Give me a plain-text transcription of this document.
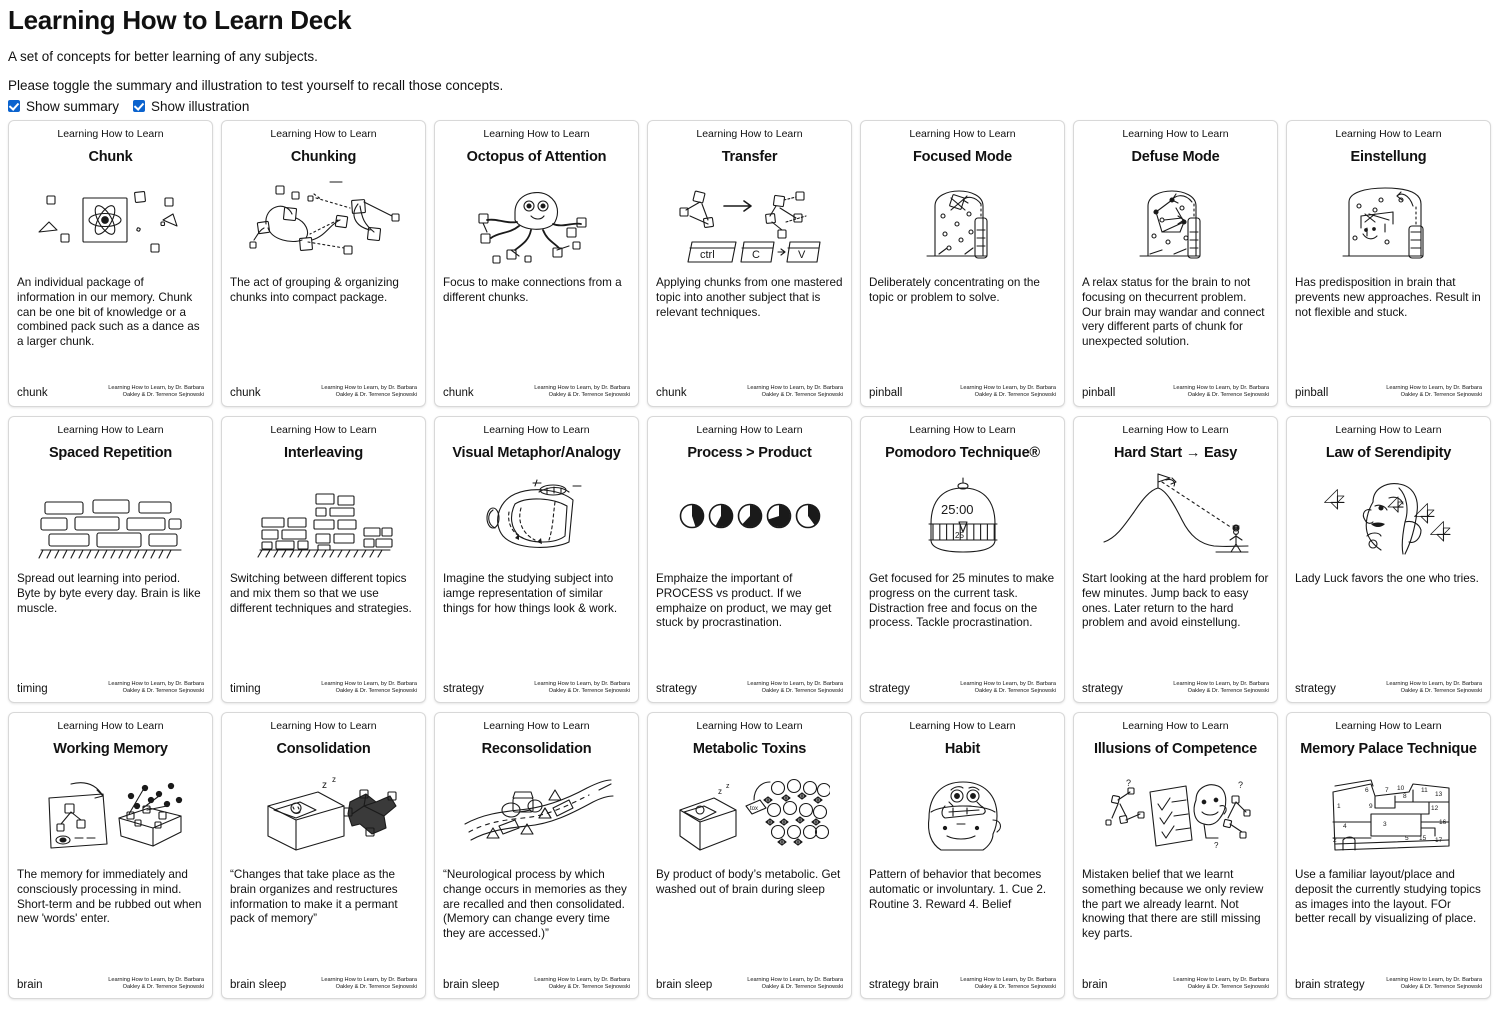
Learning How to Learn Deck

A set of concepts for better learning of any subjects.

Please toggle the summary and illustration to test yourself to recall those concepts.

Show summary Show illustration
Learning How to Learn
Chunk
An individual package of information in our memory. Chunk can be one bit of knowledge or a combined pack such as a dance as a larger chunk.
chunk	Learning How to Learn, by Dr. Barbara Oakley & Dr. Terrence Sejnowski
Learning How to Learn
Chunking
The act of grouping & organizing chunks into compact package.
chunk	Learning How to Learn, by Dr. Barbara Oakley & Dr. Terrence Sejnowski
Learning How to Learn
Octopus of Attention
Focus to make connections from a different chunks.
chunk	Learning How to Learn, by Dr. Barbara Oakley & Dr. Terrence Sejnowski
Learning How to Learn
Transfer
ctrl	C	V
Applying chunks from one mastered topic into another subject that is relevant techniques.
chunk	Learning How to Learn, by Dr. Barbara Oakley & Dr. Terrence Sejnowski
Learning How to Learn
Focused Mode
Deliberately concentrating on the topic or problem to solve.
pinball	Learning How to Learn, by Dr. Barbara Oakley & Dr. Terrence Sejnowski
Learning How to Learn
Defuse Mode
A relax status for the brain to not focusing on thecurrent problem. Our brain may wandar and connect very different parts of chunk for unexpected solution.
pinball	Learning How to Learn, by Dr. Barbara Oakley & Dr. Terrence Sejnowski
Learning How to Learn
Einstellung
Has predisposition in brain that prevents new approaches. Result in not flexible and stuck.
pinball	Learning How to Learn, by Dr. Barbara Oakley & Dr. Terrence Sejnowski
Learning How to Learn
Spaced Repetition
Spread out learning into period. Byte by byte every day. Brain is like muscle.
timing	Learning How to Learn, by Dr. Barbara Oakley & Dr. Terrence Sejnowski
Learning How to Learn
Interleaving
Switching between different topics and mix them so that we use different techniques and strategies.
timing	Learning How to Learn, by Dr. Barbara Oakley & Dr. Terrence Sejnowski
Learning How to Learn
Visual Metaphor/Analogy
Imagine the studying subject into iamge representation of similar things for how things look & work.
strategy	Learning How to Learn, by Dr. Barbara Oakley & Dr. Terrence Sejnowski
Learning How to Learn
Process > Product
Emphaize the important of PROCESS vs product. If we emphaize on product, we may get stuck by procrastination.
strategy	Learning How to Learn, by Dr. Barbara Oakley & Dr. Terrence Sejnowski
Learning How to Learn
Pomodoro Technique®
25:00
25
Get focused for 25 minutes to make progress on the current task. Distraction free and focus on the process. Tackle procrastination.
strategy	Learning How to Learn, by Dr. Barbara Oakley & Dr. Terrence Sejnowski
Learning How to Learn
Hard Start → Easy
Start looking at the hard problem for few minutes. Jump back to easy ones. Later return to the hard problem and avoid einstellung.
strategy	Learning How to Learn, by Dr. Barbara Oakley & Dr. Terrence Sejnowski
Learning How to Learn
Law of Serendipity
Lady Luck favors the one who tries.
strategy	Learning How to Learn, by Dr. Barbara Oakley & Dr. Terrence Sejnowski
Learning How to Learn
Working Memory
The memory for immediately and consciously processing in mind. Short-term and be rubbed out when new 'words' enter.
brain	Learning How to Learn, by Dr. Barbara Oakley & Dr. Terrence Sejnowski
Learning How to Learn
Consolidation
z
z
“Changes that take place as the brain organizes and restructures information to make it a permant pack of memory”
brain sleep	Learning How to Learn, by Dr. Barbara Oakley & Dr. Terrence Sejnowski
Learning How to Learn
Reconsolidation
“Neurological process by which change occurs in memories as they are recalled and then consolidated. (Memory can change every time they are accessed.)”
brain sleep	Learning How to Learn, by Dr. Barbara Oakley & Dr. Terrence Sejnowski
Learning How to Learn
Metabolic Toxins
z
z
tox
By product of body’s metabolic. Get washed out of brain during sleep
brain sleep	Learning How to Learn, by Dr. Barbara Oakley & Dr. Terrence Sejnowski
Learning How to Learn
Habit
Pattern of behavior that becomes automatic or involuntary. 1. Cue 2. Routine 3. Reward 4. Belief
strategy brain	Learning How to Learn, by Dr. Barbara Oakley & Dr. Terrence Sejnowski
Learning How to Learn
Illusions of Competence
?	?
?
Mistaken belief that we learnt something because we only review the part we already learnt. Not knowing that there are still missing key parts.
brain	Learning How to Learn, by Dr. Barbara Oakley & Dr. Terrence Sejnowski
Learning How to Learn
Memory Palace Technique
1
4
6	7
8
10	11
13
12
16
3
5 15 17
2
9
Use a familiar layout/place and deposit the currently studying topics as images into the layout. FOr better recall by visualizing of place.
brain strategy	Learning How to Learn, by Dr. Barbara Oakley & Dr. Terrence Sejnowski
